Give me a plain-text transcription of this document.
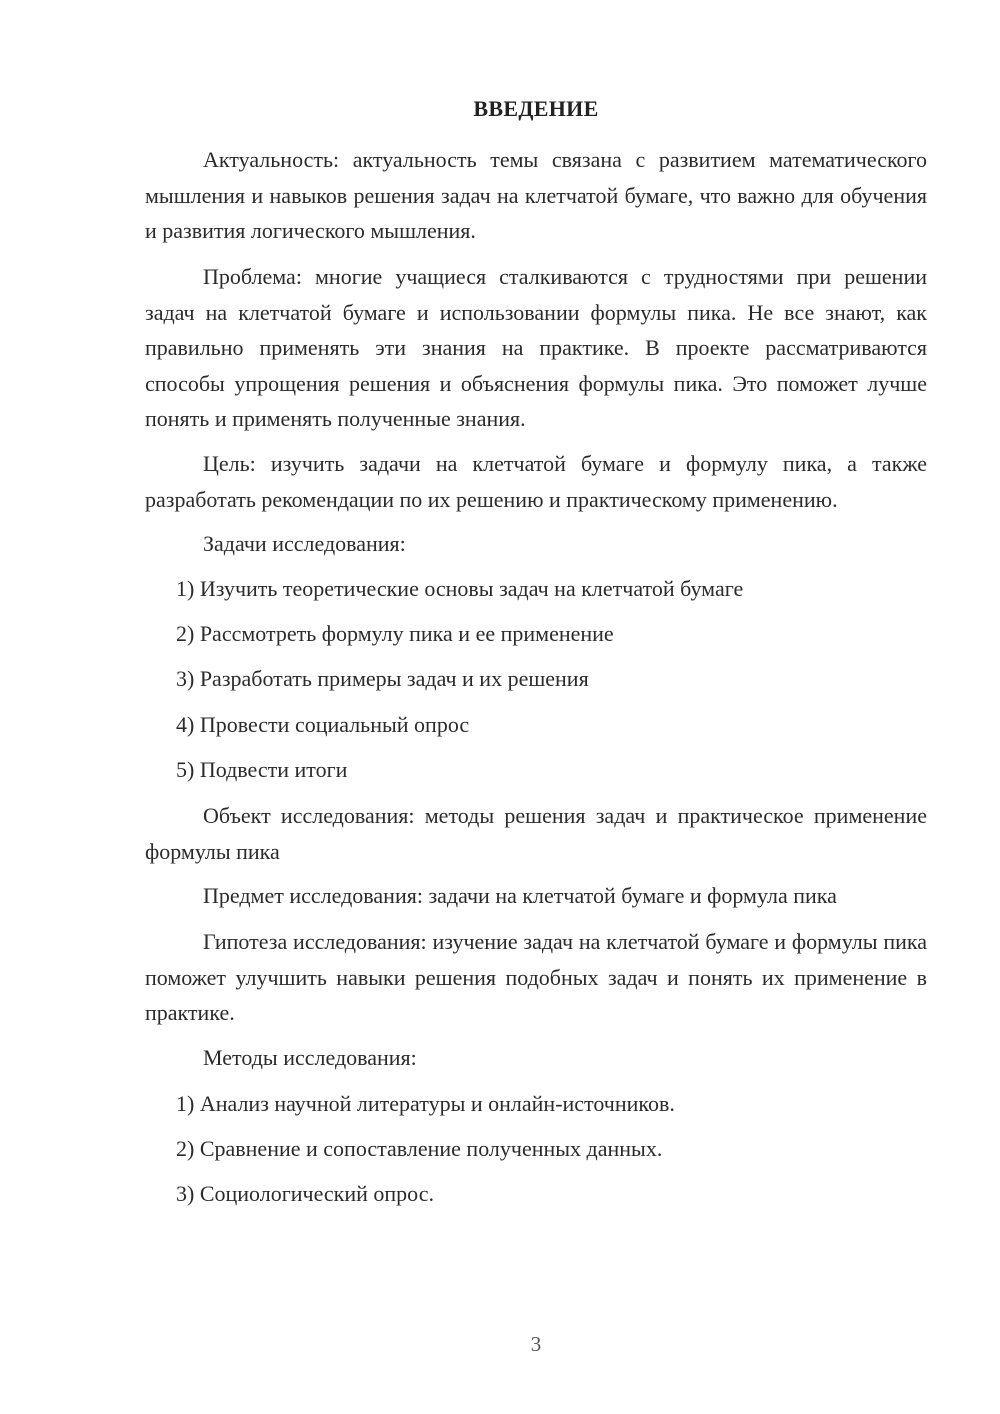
ВВЕДЕНИЕ

Актуальность: актуальность темы связана с развитием математического мышления и навыков решения задач на клетчатой бумаге, что важно для обучения и развития логического мышления.

Проблема: многие учащиеся сталкиваются с трудностями при решении задач на клетчатой бумаге и использовании формулы пика. Не все знают, как правильно применять эти знания на практике. В проекте рассматриваются способы упрощения решения и объяснения формулы пика. Это поможет лучше понять и применять полученные знания.

Цель: изучить задачи на клетчатой бумаге и формулу пика, а также разработать рекомендации по их решению и практическому применению.

Задачи исследования:

1) Изучить теоретические основы задач на клетчатой бумаге

2) Рассмотреть формулу пика и ее применение

3) Разработать примеры задач и их решения

4) Провести социальный опрос

5) Подвести итоги

Объект исследования: методы решения задач и практическое применение формулы пика

Предмет исследования: задачи на клетчатой бумаге и формула пика

Гипотеза исследования: изучение задач на клетчатой бумаге и формулы пика поможет улучшить навыки решения подобных задач и понять их применение в практике.

Методы исследования:

1) Анализ научной литературы и онлайн-источников.

2) Сравнение и сопоставление полученных данных.

3) Социологический опрос.

3
